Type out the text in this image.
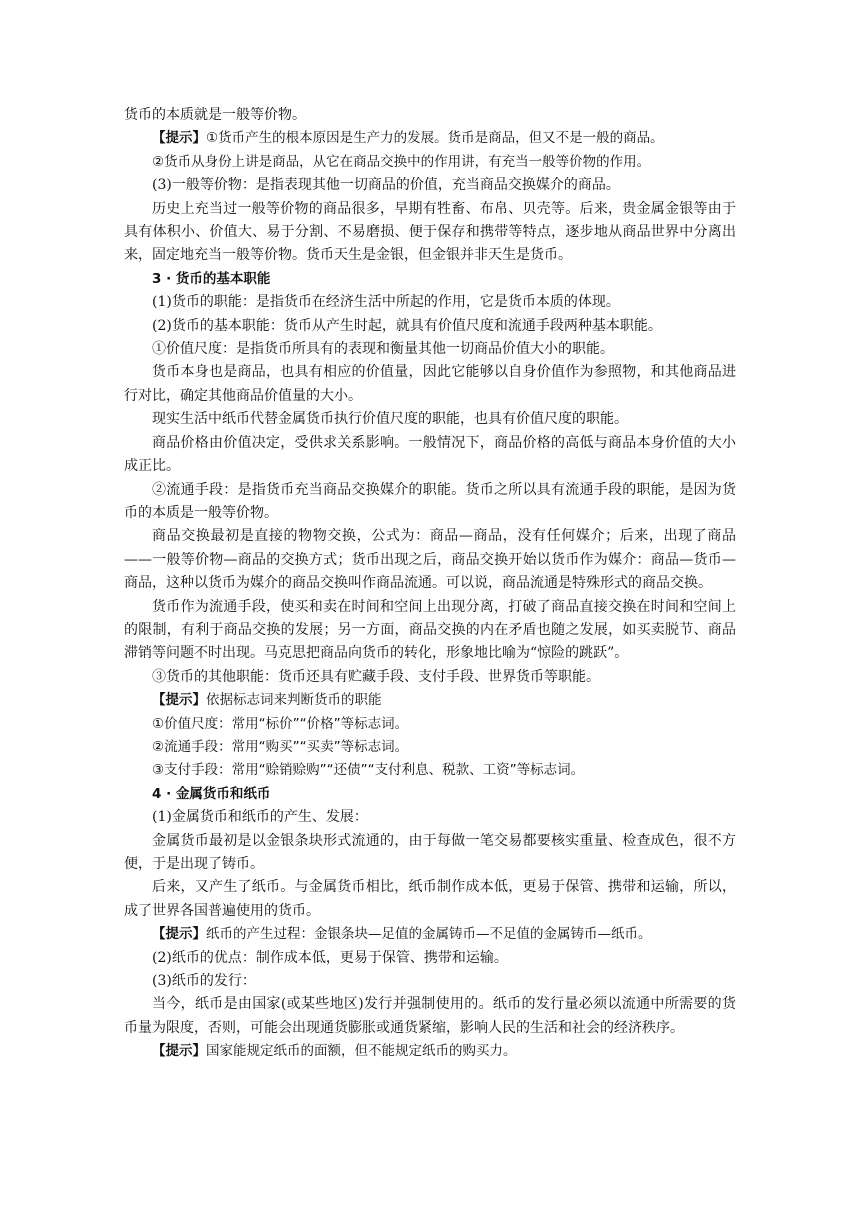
货币的本质就是一般等价物。

【提示】①货币产生的根本原因是生产力的发展。货币是商品，但又不是一般的商品。

②货币从身份上讲是商品，从它在商品交换中的作用讲，有充当一般等价物的作用。

(3)一般等价物：是指表现其他一切商品的价值，充当商品交换媒介的商品。

历史上充当过一般等价物的商品很多，早期有牲畜、布帛、贝壳等。后来，贵金属金银等由于具有体积小、价值大、易于分割、不易磨损、便于保存和携带等特点，逐步地从商品世界中分离出来，固定地充当一般等价物。货币天生是金银，但金银并非天生是货币。

3 · 货币的基本职能

(1)货币的职能：是指货币在经济生活中所起的作用，它是货币本质的体现。

(2)货币的基本职能：货币从产生时起，就具有价值尺度和流通手段两种基本职能。

①价值尺度：是指货币所具有的表现和衡量其他一切商品价值大小的职能。

货币本身也是商品，也具有相应的价值量，因此它能够以自身价值作为参照物，和其他商品进行对比，确定其他商品价值量的大小。

现实生活中纸币代替金属货币执行价值尺度的职能，也具有价值尺度的职能。

商品价格由价值决定，受供求关系影响。一般情况下，商品价格的高低与商品本身价值的大小成正比。

②流通手段：是指货币充当商品交换媒介的职能。货币之所以具有流通手段的职能，是因为货币的本质是一般等价物。

商品交换最初是直接的物物交换，公式为：商品—商品，没有任何媒介；后来，出现了商品——一般等价物—商品的交换方式；货币出现之后，商品交换开始以货币作为媒介：商品—货币—商品，这种以货币为媒介的商品交换叫作商品流通。可以说，商品流通是特殊形式的商品交换。

货币作为流通手段，使买和卖在时间和空间上出现分离，打破了商品直接交换在时间和空间上的限制，有利于商品交换的发展；另一方面，商品交换的内在矛盾也随之发展，如买卖脱节、商品滞销等问题不时出现。马克思把商品向货币的转化，形象地比喻为“惊险的跳跃”。

③货币的其他职能：货币还具有贮藏手段、支付手段、世界货币等职能。

【提示】依据标志词来判断货币的职能

①价值尺度：常用“标价”“价格”等标志词。

②流通手段：常用“购买”“买卖”等标志词。

③支付手段：常用“赊销赊购”“还债”“支付利息、税款、工资”等标志词。

4 · 金属货币和纸币

(1)金属货币和纸币的产生、发展：

金属货币最初是以金银条块形式流通的，由于每做一笔交易都要核实重量、检查成色，很不方便，于是出现了铸币。

后来，又产生了纸币。与金属货币相比，纸币制作成本低，更易于保管、携带和运输，所以，成了世界各国普遍使用的货币。

【提示】纸币的产生过程：金银条块—足值的金属铸币—不足值的金属铸币—纸币。

(2)纸币的优点：制作成本低，更易于保管、携带和运输。

(3)纸币的发行：

当今，纸币是由国家(或某些地区)发行并强制使用的。纸币的发行量必须以流通中所需要的货币量为限度，否则，可能会出现通货膨胀或通货紧缩，影响人民的生活和社会的经济秩序。

【提示】国家能规定纸币的面额，但不能规定纸币的购买力。
